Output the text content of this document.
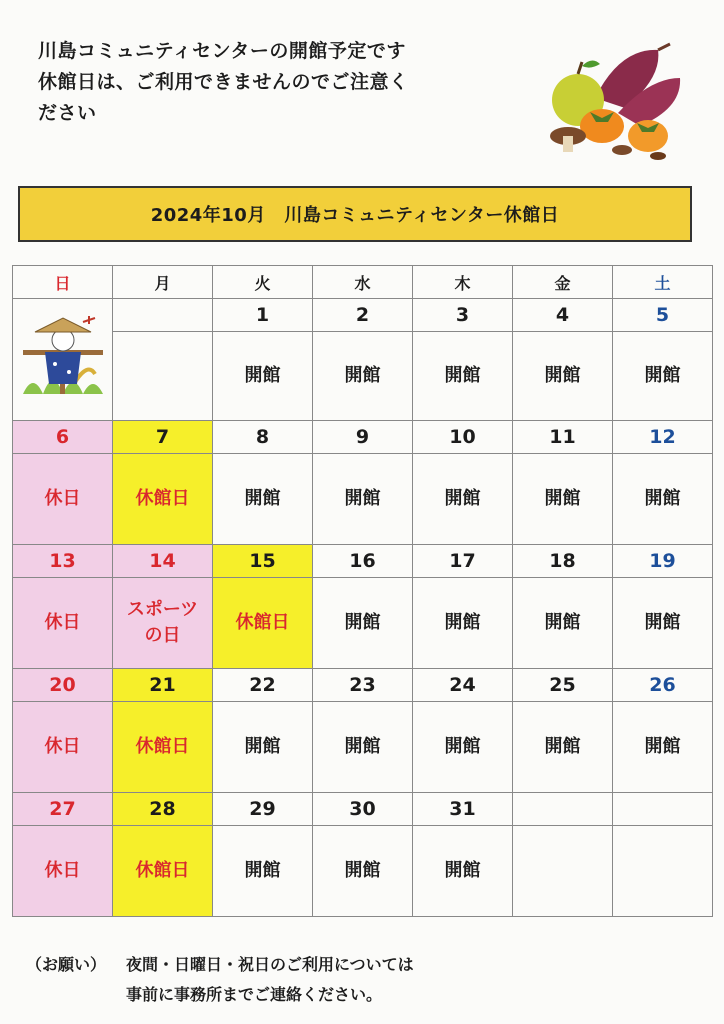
川島コミュニティセンターの開館予定です
休館日は、ご利用できませんのでご注意く
ださい
2024年10月　川島コミュニティセンター休館日
日	月	火	水	木	金	土
		1	2	3	4	5
		開館	開館	開館	開館	開館
6	7	8	9	10	11	12
休日	休館日	開館	開館	開館	開館	開館
13	14	15	16	17	18	19
休日	スポーツ
の日	休館日	開館	開館	開館	開館
20	21	22	23	24	25	26
休日	休館日	開館	開館	開館	開館	開館
27	28	29	30	31		
休日	休館日	開館	開館	開館		
（お願い）	夜間・日曜日・祝日のご利用については
事前に事務所までご連絡ください。
